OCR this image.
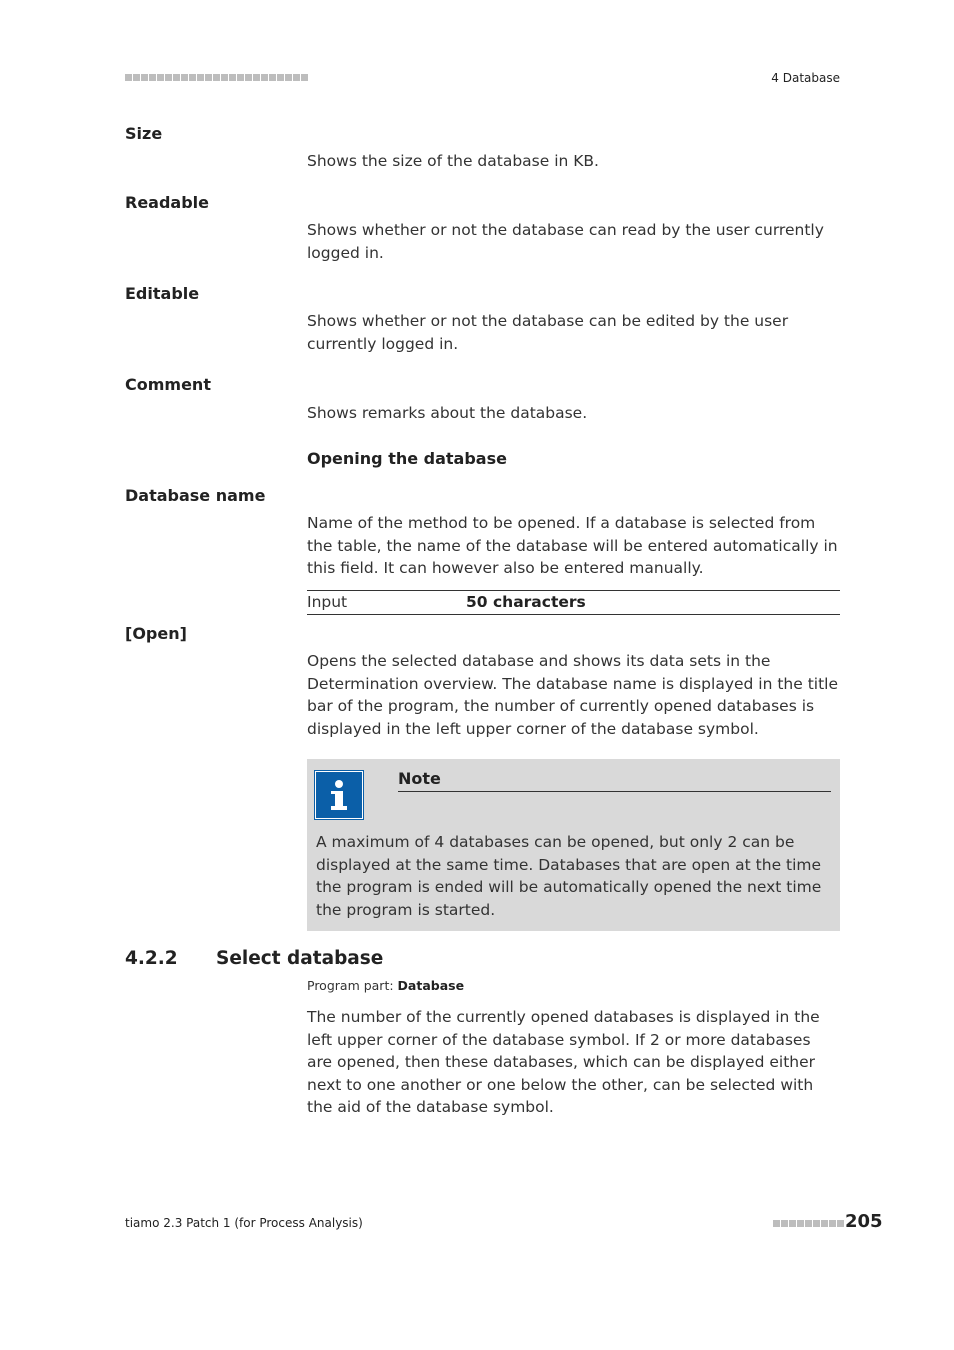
4 Database
Size
Shows the size of the database in KB.
Readable
Shows whether or not the database can read by the user currently logged in.
Editable
Shows whether or not the database can be edited by the user currently logged in.
Comment
Shows remarks about the database.
Opening the database
Database name
Name of the method to be opened. If a database is selected from the table, the name of the database will be entered automatically in this field. It can however also be entered manually.
Input	50 characters
[Open]
Opens the selected database and shows its data sets in the Determination overview. The database name is displayed in the title bar of the program, the number of currently opened databases is displayed in the left upper corner of the database symbol.
Note
A maximum of 4 databases can be opened, but only 2 can be displayed at the same time. Databases that are open at the time the program is ended will be automatically opened the next time the program is started.
4.2.2 Select database
Program part: Database
The number of the currently opened databases is displayed in the left upper corner of the database symbol. If 2 or more databases are opened, then these databases, which can be displayed either next to one another or one below the other, can be selected with the aid of the database symbol.
tiamo 2.3 Patch 1 (for Process Analysis)	205
